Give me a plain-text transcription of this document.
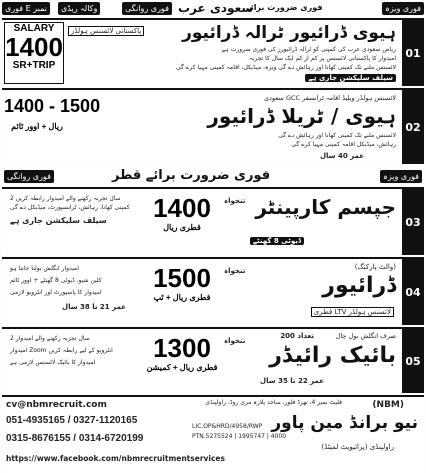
فوری E نمبر	وکالہ ریڈی	فوری روانگی سعودی عرب
فوری ضرورت برائے	فوری ویزہ
01
SALARY
1400
SR+TRIP
ہیوی ڈرائیور ٹرالہ ڈرائیور
پاکستانی لائسنس ہولڈر
ریاض سعودی عرب کی کمپنی کو ٹرالہ ڈرائیورز کی فوری ضرورت ہے
امیدوار کا پاکستانی لائسنس پر کم از کم ایک سال کا تجربہ
لائسنس ملنے تک کمپنی کھانا اور رہائش دے گی ویزہ، میڈیکل، اقامہ کمپنی مہیا کرے گی
سیلف سلیکشن جاری ہے
02
1400 - 1500
ریال + اوور ٹائم
سعودی GCC لائسنس ہولڈر ویلیڈ اقامہ ٹرانسفر
ہیوی / ٹریلا ڈرائیور
لائسنس ملنے تک کمپنی کھانا اور رہائش دے گی
رہائش، میڈیکل اقامہ کمپنی مہیا کرے گی
عمر 40 سال
فوری روانگی	فوری ضرورت برائے قطر	فوری ویزہ
03
2 سال تجربہ رکھنے والے امیدوار رابطہ کریں
کمپنی کھانا، رہائش، ٹرانسپورٹ، میڈیکل دے گی
سیلف سلیکشن جاری ہے	1400
قطری ریال
تنخواہ جپسم کارپینٹر
ڈیوٹی 8 گھنٹے
04
امیدوار انگلش بولنا جانتا ہو
کلین شیو، ڈیوٹی 8 گھنٹے + اوور ٹائم
امیدوار کا پاسپورٹ اور انٹرویو لازمی
عمر 21 تا 38 سال
1500
قطری ریال + ٹپ
تنخواہ	(والٹ پارکنگ)
ڈرائیور
قطری LTV لائسنس ہولڈر
05
2 سال تجربہ رکھنے والے امیدوار
امیدوار Zoom انٹرویو کے لیے رابطہ کریں
امیدوار کا بائیک لائسنس لازمی ہے	1300
قطری ریال + کمیشن
تنخواہ
تعداد 200	صرف انگلش بول چال
بائیک رائیڈر
عمر 22 تا 35 سال
cv@nbmrecruit.com
051-4935165 / 0327-1120165
0315-8676155 / 0314-6720199
https://www.facebook.com/nbmrecruitmentservices
فلیٹ نمبر 4، تھرڈ فلور، ساجد پلازہ مری روڈ، راولپنڈی
LIC.OP&HRD/4958/RWP
PTN.5275524 | 1995747 | 4000
(NBM)
نیو برانڈ مین پاور
(پرائیویٹ لمیٹڈ) راولپنڈی
